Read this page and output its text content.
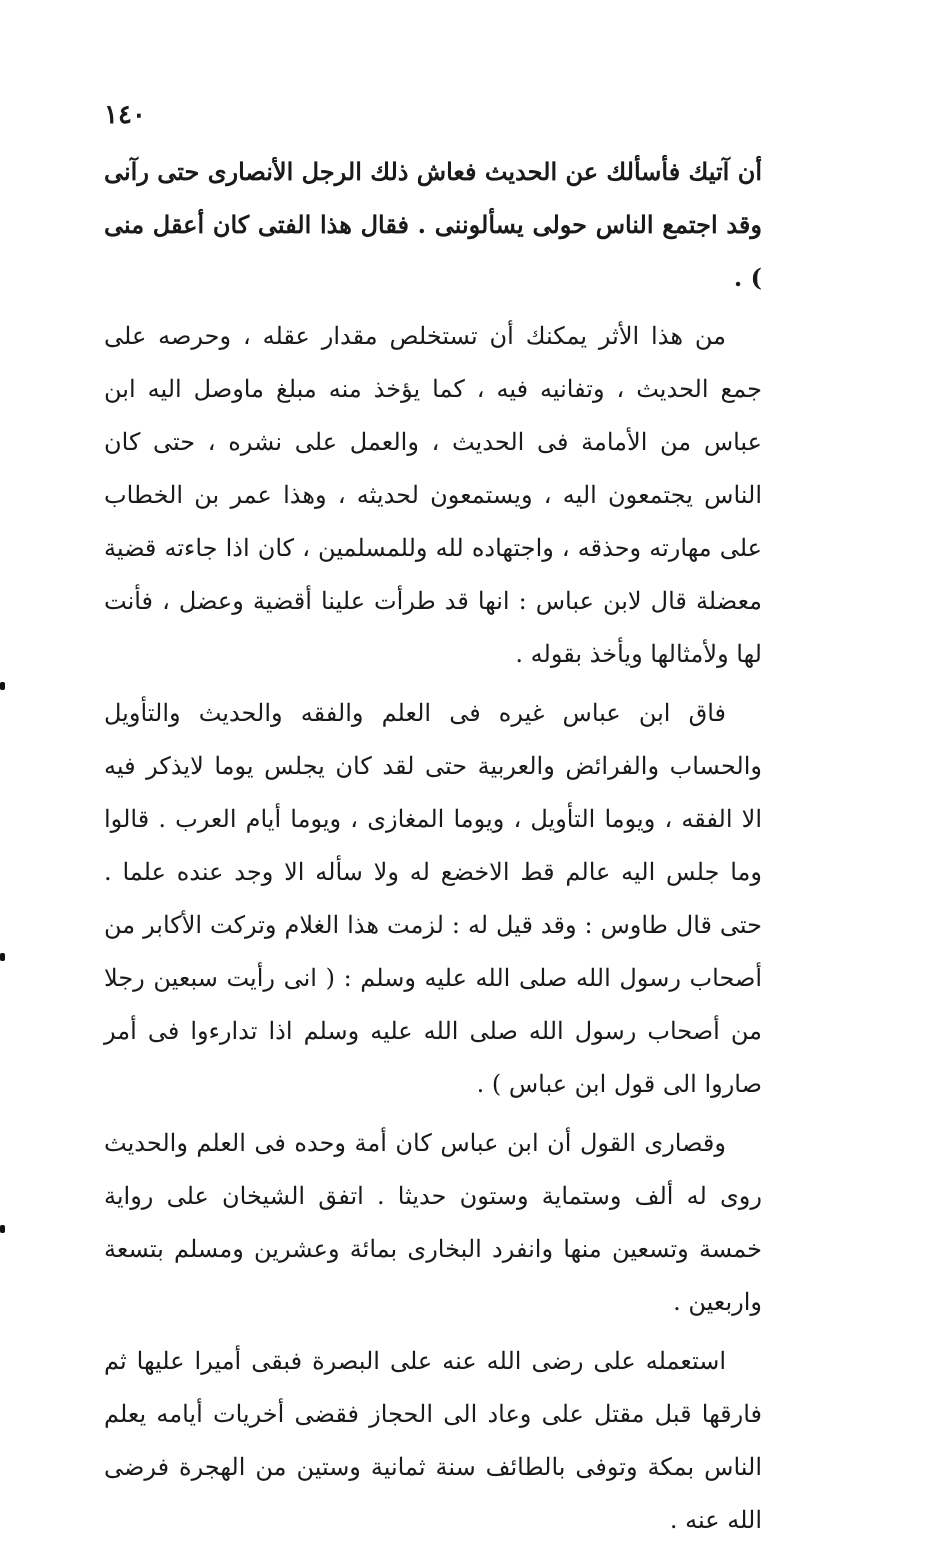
١٤٠

أن آتيك فأسألك عن الحديث فعاش ذلك الرجل الأنصارى حتى رآنى وقد اجتمع الناس حولى يسألوننى . فقال هذا الفتى كان أعقل منى ) .

من هذا الأثر يمكنك أن تستخلص مقدار عقله ، وحرصه على جمع الحديث ، وتفانيه فيه ، كما يؤخذ منه مبلغ ماوصل اليه ابن عباس من الأمامة فى الحديث ، والعمل على نشره ، حتى كان الناس يجتمعون اليه ، ويستمعون لحديثه ، وهذا عمر بن الخطاب على مهارته وحذقه ، واجتهاده لله وللمسلمين ، كان اذا جاءته قضية معضلة قال لابن عباس : انها قد طرأت علينا أقضية وعضل ، فأنت لها ولأمثالها ويأخذ بقوله .

فاق ابن عباس غيره فى العلم والفقه والحديث والتأويل والحساب والفرائض والعربية حتى لقد كان يجلس يوما لايذكر فيه الا الفقه ، ويوما التأويل ، ويوما المغازى ، ويوما أيام العرب . قالوا وما جلس اليه عالم قط الاخضع له ولا سأله الا وجد عنده علما . حتى قال طاوس : وقد قيل له : لزمت هذا الغلام وتركت الأكابر من أصحاب رسول الله صلى الله عليه وسلم : ( انى رأيت سبعين رجلا من أصحاب رسول الله صلى الله عليه وسلم اذا تدارءوا فى أمر صاروا الى قول ابن عباس ) .

وقصارى القول أن ابن عباس كان أمة وحده فى العلم والحديث روى له ألف وستماية وستون حديثا . اتفق الشيخان على رواية خمسة وتسعين منها وانفرد البخارى بمائة وعشرين ومسلم بتسعة واربعين .

استعمله على رضى الله عنه على البصرة فبقى أميرا عليها ثم فارقها قبل مقتل على وعاد الى الحجاز فقضى أخريات أيامه يعلم الناس بمكة وتوفى بالطائف سنة ثمانية وستين من الهجرة فرضى الله عنه .
